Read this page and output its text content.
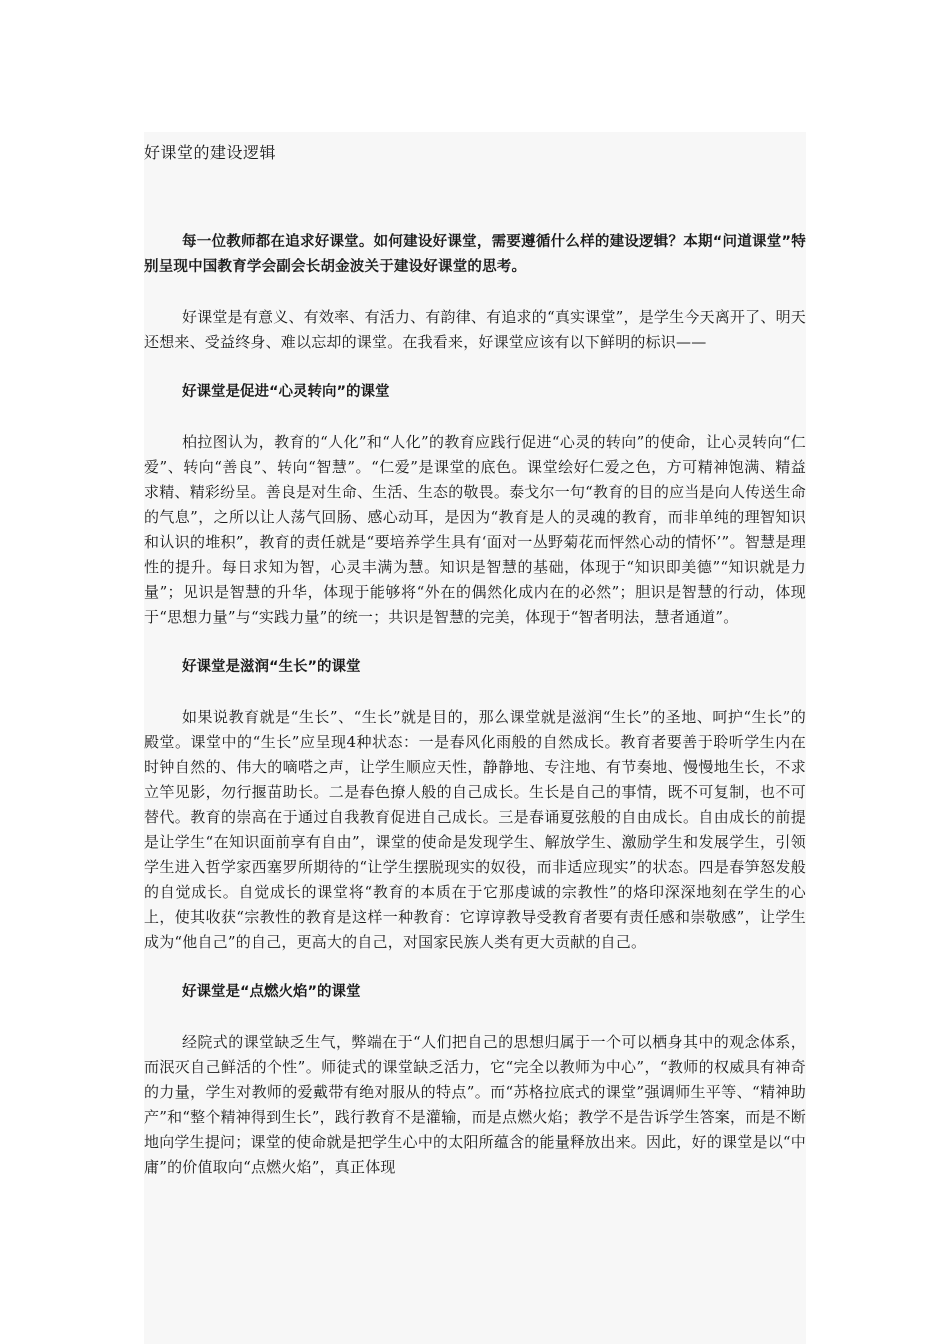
好课堂的建设逻辑

每一位教师都在追求好课堂。如何建设好课堂，需要遵循什么样的建设逻辑？本期“问道课堂”特别呈现中国教育学会副会长胡金波关于建设好课堂的思考。

好课堂是有意义、有效率、有活力、有韵律、有追求的“真实课堂”，是学生今天离开了、明天还想来、受益终身、难以忘却的课堂。在我看来，好课堂应该有以下鲜明的标识——

好课堂是促进“心灵转向”的课堂

柏拉图认为，教育的“人化”和“人化”的教育应践行促进“心灵的转向”的使命，让心灵转向“仁爱”、转向“善良”、转向“智慧”。“仁爱”是课堂的底色。课堂绘好仁爱之色，方可精神饱满、精益求精、精彩纷呈。善良是对生命、生活、生态的敬畏。泰戈尔一句“教育的目的应当是向人传送生命的气息”，之所以让人荡气回肠、感心动耳，是因为“教育是人的灵魂的教育，而非单纯的理智知识和认识的堆积”，教育的责任就是“要培养学生具有‘面对一丛野菊花而怦然心动的情怀’”。智慧是理性的提升。每日求知为智，心灵丰满为慧。知识是智慧的基础，体现于“知识即美德”“知识就是力量”；见识是智慧的升华，体现于能够将“外在的偶然化成内在的必然”；胆识是智慧的行动，体现于“思想力量”与“实践力量”的统一；共识是智慧的完美，体现于“智者明法，慧者通道”。

好课堂是滋润“生长”的课堂

如果说教育就是“生长”、“生长”就是目的，那么课堂就是滋润“生长”的圣地、呵护“生长”的殿堂。课堂中的“生长”应呈现4种状态：一是春风化雨般的自然成长。教育者要善于聆听学生内在时钟自然的、伟大的嘀嗒之声，让学生顺应天性，静静地、专注地、有节奏地、慢慢地生长，不求立竿见影，勿行揠苗助长。二是春色撩人般的自己成长。生长是自己的事情，既不可复制，也不可替代。教育的崇高在于通过自我教育促进自己成长。三是春诵夏弦般的自由成长。自由成长的前提是让学生“在知识面前享有自由”，课堂的使命是发现学生、解放学生、激励学生和发展学生，引领学生进入哲学家西塞罗所期待的“让学生摆脱现实的奴役，而非适应现实”的状态。四是春笋怒发般的自觉成长。自觉成长的课堂将“教育的本质在于它那虔诚的宗教性”的烙印深深地刻在学生的心上，使其收获“宗教性的教育是这样一种教育：它谆谆教导受教育者要有责任感和崇敬感”，让学生成为“他自己”的自己，更高大的自己，对国家民族人类有更大贡献的自己。

好课堂是“点燃火焰”的课堂

经院式的课堂缺乏生气，弊端在于“人们把自己的思想归属于一个可以栖身其中的观念体系，而泯灭自己鲜活的个性”。师徒式的课堂缺乏活力，它“完全以教师为中心”，“教师的权威具有神奇的力量，学生对教师的爱戴带有绝对服从的特点”。而“苏格拉底式的课堂”强调师生平等、“精神助产”和“整个精神得到生长”，践行教育不是灌输，而是点燃火焰；教学不是告诉学生答案，而是不断地向学生提问；课堂的使命就是把学生心中的太阳所蕴含的能量释放出来。因此，好的课堂是以“中庸”的价值取向“点燃火焰”，真正体现
